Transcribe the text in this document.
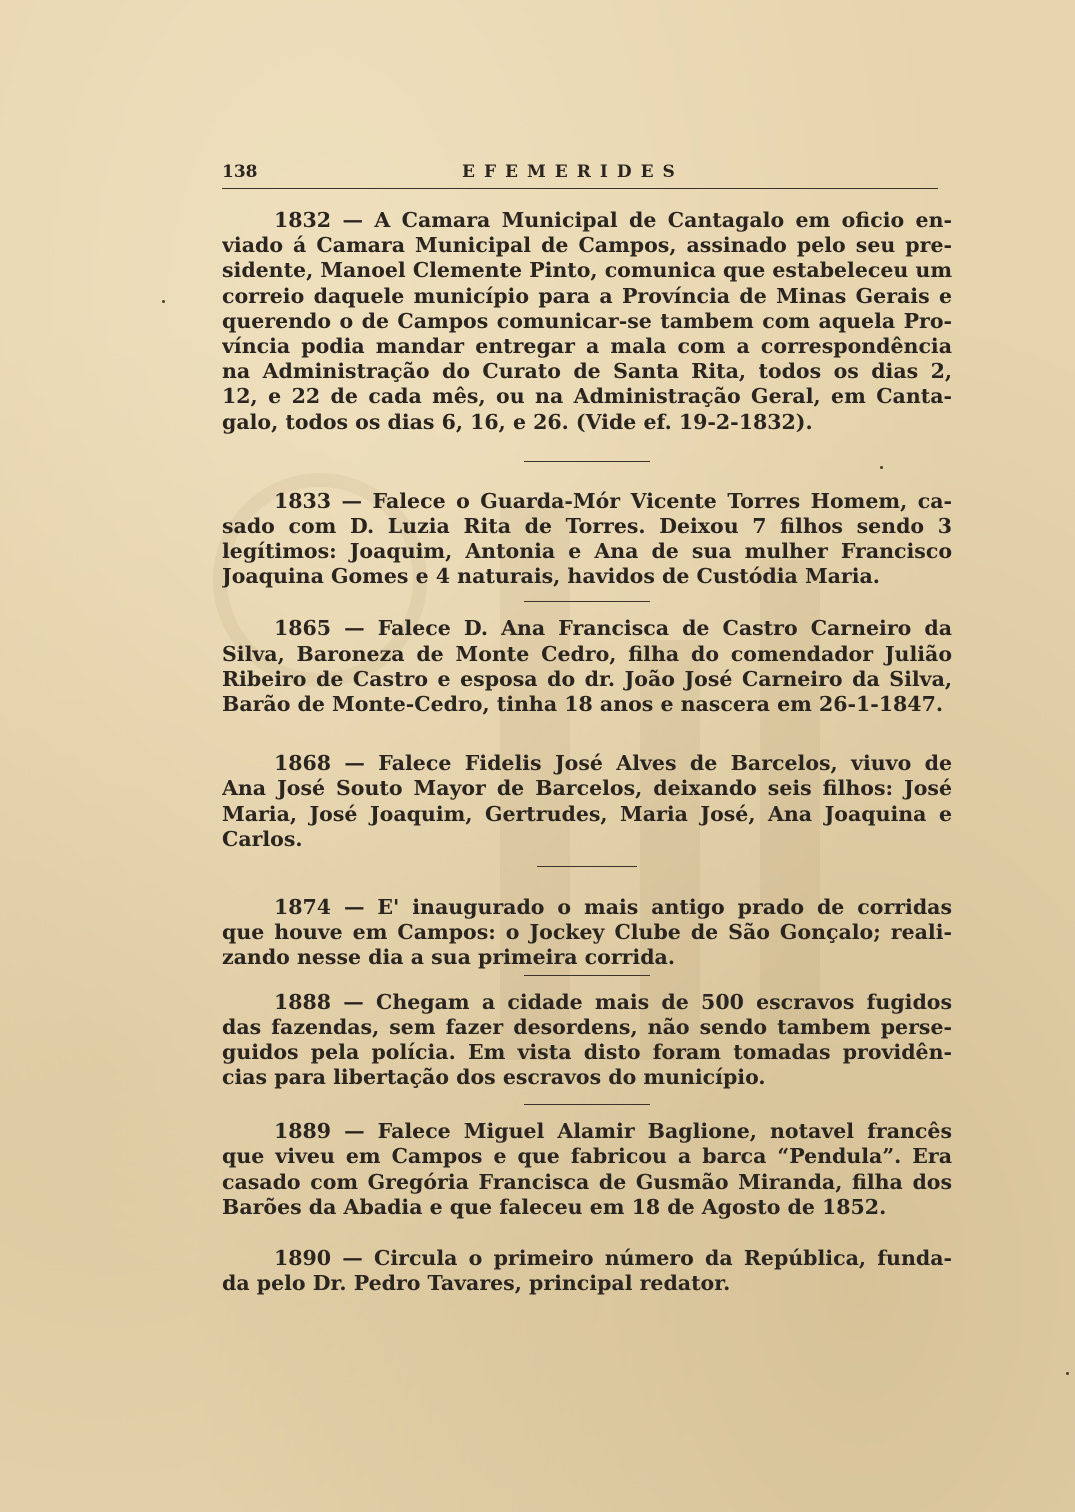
138	EFEMERIDES

1832 — A Camara Municipal de Cantagalo em oficio en-
viado á Camara Municipal de Campos, assinado pelo seu pre-
sidente, Manoel Clemente Pinto, comunica que estabeleceu um
correio daquele município para a Província de Minas Gerais e
querendo o de Campos comunicar-se tambem com aquela Pro-
víncia podia mandar entregar a mala com a correspondência
na Administração do Curato de Santa Rita, todos os dias 2,
12, e 22 de cada mês, ou na Administração Geral, em Canta-
galo, todos os dias 6, 16, e 26. (Vide ef. 19-2-1832).

1833 — Falece o Guarda-Mór Vicente Torres Homem, ca-
sado com D. Luzia Rita de Torres. Deixou 7 filhos sendo 3
legítimos: Joaquim, Antonia e Ana de sua mulher Francisco
Joaquina Gomes e 4 naturais, havidos de Custódia Maria.

1865 — Falece D. Ana Francisca de Castro Carneiro da
Silva, Baroneza de Monte Cedro, filha do comendador Julião
Ribeiro de Castro e esposa do dr. João José Carneiro da Silva,
Barão de Monte-Cedro, tinha 18 anos e nascera em 26-1-1847.

1868 — Falece Fidelis José Alves de Barcelos, viuvo de
Ana José Souto Mayor de Barcelos, deixando seis filhos: José
Maria, José Joaquim, Gertrudes, Maria José, Ana Joaquina e
Carlos.

1874 — E' inaugurado o mais antigo prado de corridas
que houve em Campos: o Jockey Clube de São Gonçalo; reali-
zando nesse dia a sua primeira corrida.

1888 — Chegam a cidade mais de 500 escravos fugidos
das fazendas, sem fazer desordens, não sendo tambem perse-
guidos pela polícia. Em vista disto foram tomadas providên-
cias para libertação dos escravos do município.

1889 — Falece Miguel Alamir Baglione, notavel francês
que viveu em Campos e que fabricou a barca “Pendula”. Era
casado com Gregória Francisca de Gusmão Miranda, filha dos
Barões da Abadia e que faleceu em 18 de Agosto de 1852.

1890 — Circula o primeiro número da República, funda-
da pelo Dr. Pedro Tavares, principal redator.
